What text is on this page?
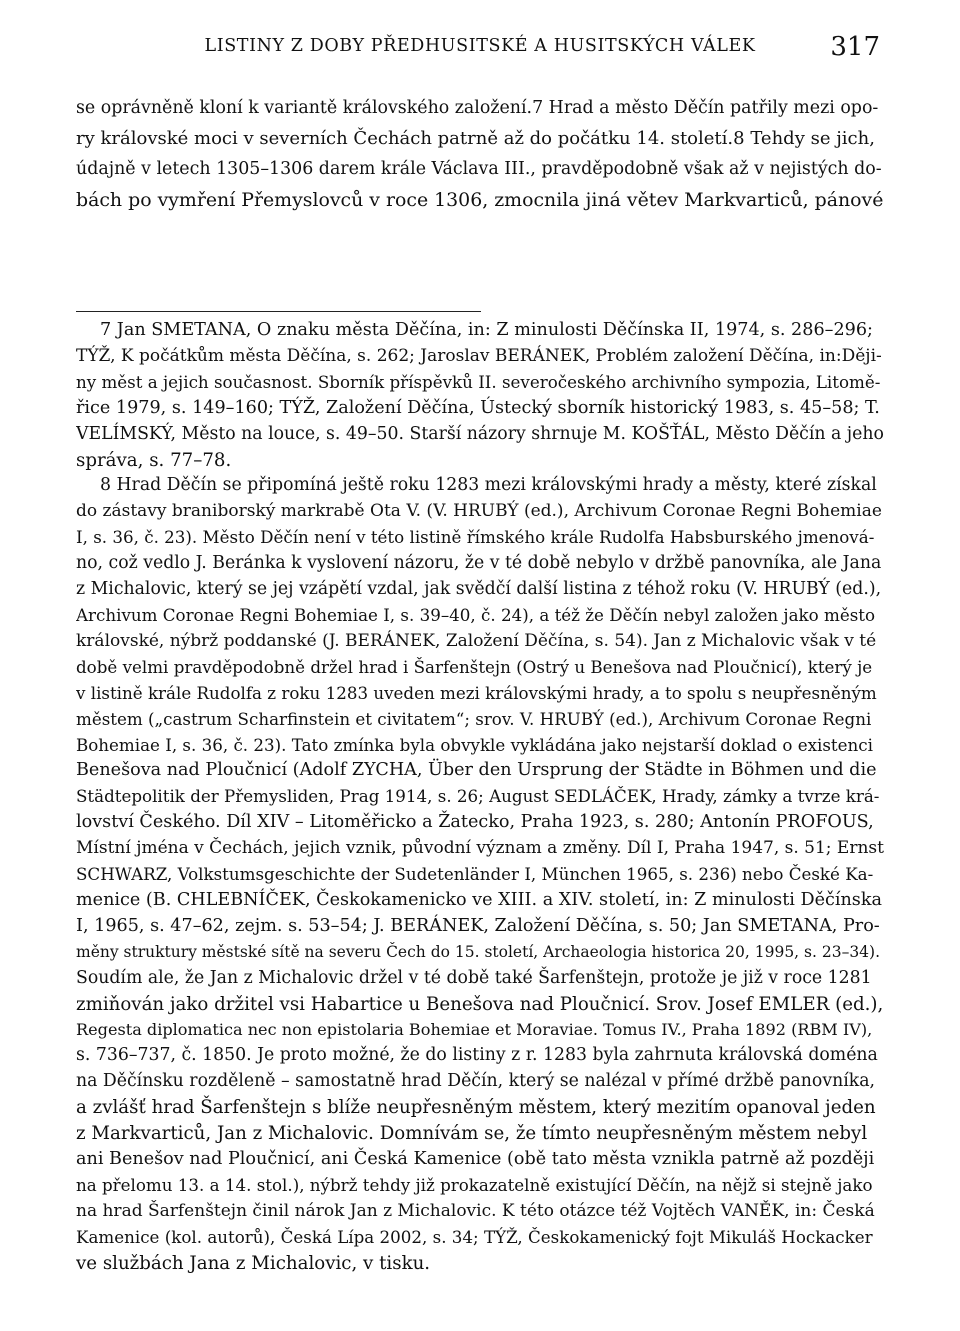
LISTINY Z DOBY PŘEDHUSITSKÉ A HUSITSKÝCH VÁLEK	317
se oprávněně kloní k variantě královského založení.7 Hrad a město Děčín patřily mezi opo-
ry královské moci v severních Čechách patrně až do počátku 14. století.8 Tehdy se jich,
údajně v letech 1305–1306 darem krále Václava III., pravděpodobně však až v nejistých do-
bách po vymření Přemyslovců v roce 1306, zmocnila jiná větev Markvarticů, pánové
7 Jan SMETANA, O znaku města Děčína, in: Z minulosti Děčínska II, 1974, s. 286–296;
TÝŽ, K počátkům města Děčína, s. 262; Jaroslav BERÁNEK, Problém založení Děčína, in:Ději-
ny měst a jejich současnost. Sborník příspěvků II. severočeského archivního sympozia, Litomě-
řice 1979, s. 149–160; TÝŽ, Založení Děčína, Ústecký sborník historický 1983, s. 45–58; T.
VELÍMSKÝ, Město na louce, s. 49–50. Starší názory shrnuje M. KOŠŤÁL, Město Děčín a jeho
správa, s. 77–78.
8 Hrad Děčín se připomíná ještě roku 1283 mezi královskými hrady a městy, které získal
do zástavy braniborský markrabě Ota V. (V. HRUBÝ (ed.), Archivum Coronae Regni Bohemiae
I, s. 36, č. 23). Město Děčín není v této listině římského krále Rudolfa Habsburského jmenová-
no, což vedlo J. Beránka k vyslovení názoru, že v té době nebylo v držbě panovníka, ale Jana
z Michalovic, který se jej vzápětí vzdal, jak svědčí další listina z téhož roku (V. HRUBÝ (ed.),
Archivum Coronae Regni Bohemiae I, s. 39–40, č. 24), a též že Děčín nebyl založen jako město
královské, nýbrž poddanské (J. BERÁNEK, Založení Děčína, s. 54). Jan z Michalovic však v té
době velmi pravděpodobně držel hrad i Šarfenštejn (Ostrý u Benešova nad Ploučnicí), který je
v listině krále Rudolfa z roku 1283 uveden mezi královskými hrady, a to spolu s neupřesněným
městem („castrum Scharfinstein et civitatem“; srov. V. HRUBÝ (ed.), Archivum Coronae Regni
Bohemiae I, s. 36, č. 23). Tato zmínka byla obvykle vykládána jako nejstarší doklad o existenci
Benešova nad Ploučnicí (Adolf ZYCHA, Über den Ursprung der Städte in Böhmen und die
Städtepolitik der Přemysliden, Prag 1914, s. 26; August SEDLÁČEK, Hrady, zámky a tvrze krá-
lovství Českého. Díl XIV – Litoměřicko a Žatecko, Praha 1923, s. 280; Antonín PROFOUS,
Místní jména v Čechách, jejich vznik, původní význam a změny. Díl I, Praha 1947, s. 51; Ernst
SCHWARZ, Volkstumsgeschichte der Sudetenländer I, München 1965, s. 236) nebo České Ka-
menice (B. CHLEBNÍČEK, Českokamenicko ve XIII. a XIV. století, in: Z minulosti Děčínska
I, 1965, s. 47–62, zejm. s. 53–54; J. BERÁNEK, Založení Děčína, s. 50; Jan SMETANA, Pro-
měny struktury městské sítě na severu Čech do 15. století, Archaeologia historica 20, 1995, s. 23–34).
Soudím ale, že Jan z Michalovic držel v té době také Šarfenštejn, protože je již v roce 1281
zmiňován jako držitel vsi Habartice u Benešova nad Ploučnicí. Srov. Josef EMLER (ed.),
Regesta diplomatica nec non epistolaria Bohemiae et Moraviae. Tomus IV., Praha 1892 (RBM IV),
s. 736–737, č. 1850. Je proto možné, že do listiny z r. 1283 byla zahrnuta královská doména
na Děčínsku rozděleně – samostatně hrad Děčín, který se nalézal v přímé držbě panovníka,
a zvlášť hrad Šarfenštejn s blíže neupřesněným městem, který mezitím opanoval jeden
z Markvarticů, Jan z Michalovic. Domnívám se, že tímto neupřesněným městem nebyl
ani Benešov nad Ploučnicí, ani Česká Kamenice (obě tato města vznikla patrně až později
na přelomu 13. a 14. stol.), nýbrž tehdy již prokazatelně existující Děčín, na nějž si stejně jako
na hrad Šarfenštejn činil nárok Jan z Michalovic. K této otázce též Vojtěch VANĚK, in: Česká
Kamenice (kol. autorů), Česká Lípa 2002, s. 34; TÝŽ, Českokamenický fojt Mikuláš Hockacker
ve službách Jana z Michalovic, v tisku.
